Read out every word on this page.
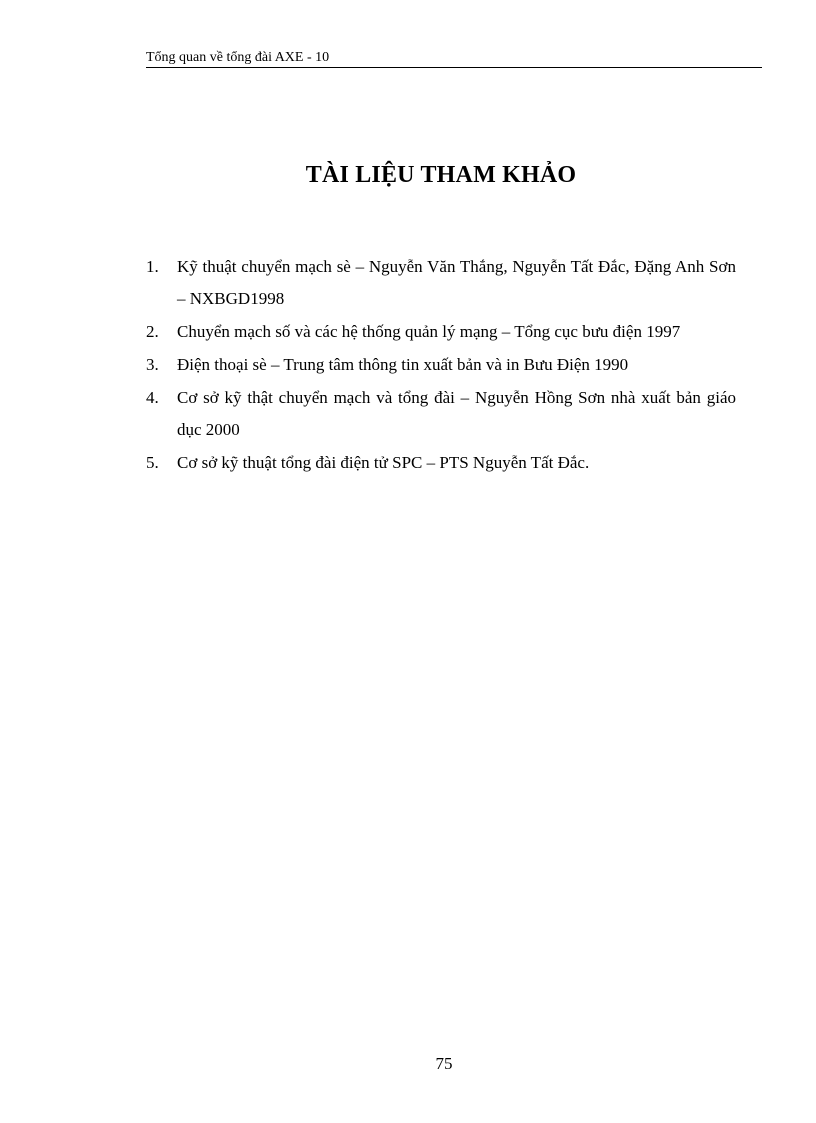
Tổng quan về tổng đài AXE - 10
TÀI LIỆU THAM KHẢO
1.	Kỹ thuật chuyển mạch sè – Nguyễn Văn Thắng, Nguyễn Tất Đắc, Đặng Anh Sơn – NXBGD1998
2.	Chuyển mạch số và các hệ thống quản lý mạng – Tổng cục bưu điện 1997
3.	Điện thoại sè – Trung tâm thông tin xuất bản và in Bưu Điện 1990
4.	Cơ sở kỹ thật chuyển mạch và tổng đài – Nguyễn Hồng Sơn nhà xuất bản giáo dục 2000
5.	Cơ sở kỹ thuật tổng đài điện tử SPC – PTS Nguyễn Tất Đắc.
75
